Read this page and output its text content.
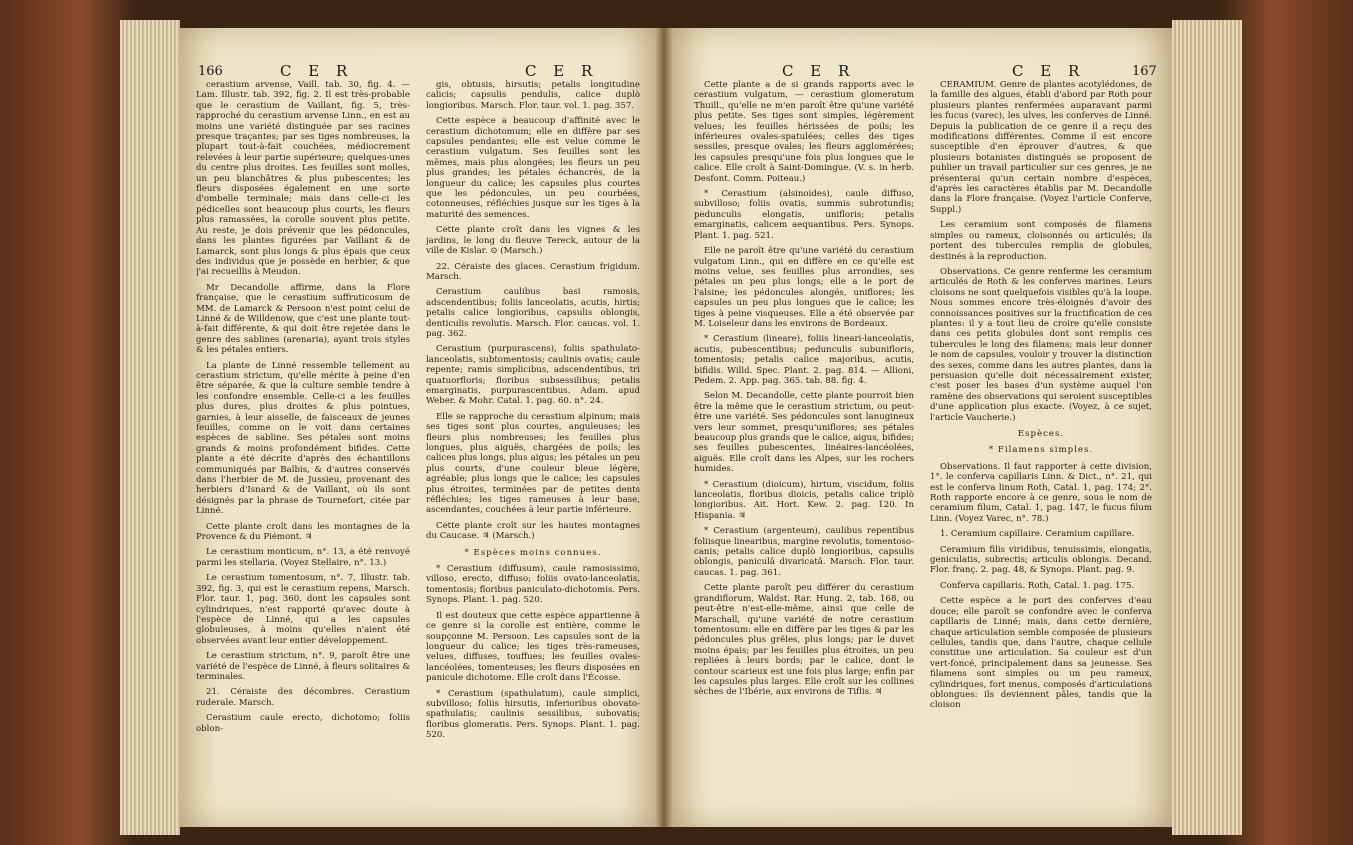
166	C E R	C E R

cerastium arvense, Vaill. tab. 30, fig. 4. — Lam. Illustr. tab. 392, fig. 2. Il est très-probable que le cerastium de Vaillant, fig. 5, très-rapproché du cerastium arvense Linn., en est au moins une variété distinguée par ses racines presque traçantes; par ses tiges nombreuses, la plupart tout-à-fait couchées, médiocrement relevées à leur partie supérieure; quelques-unes du centre plus droites. Les feuilles sont molles, un peu blanchâtres & plus pubescentes; les fleurs disposées également en une sorte d'ombelle terminale; mais dans celle-ci les pédicelles sont beaucoup plus courts, les fleurs plus ramassées, la corolle souvent plus petite. Au reste, je dois prévenir que les pédoncules, dans les plantes figurées par Vaillant & de Lamarck, sont plus longs & plus épais que ceux des individus que je possède en herbier, & que j'ai recueillis à Meudon.

Mr Decandolle affirme, dans la Flore française, que le cerastium suffruticosum de MM. de Lamarck & Persoon n'est point celui de Linné & de Willdenow, que c'est une plante tout-à-fait différente, & qui doit être rejetée dans le genre des sablines (arenaria), ayant trois styles & les pétales entiers.

La plante de Linné ressemble tellement au cerastium strictum, qu'elle mérite à peine d'en être séparée, & que la culture semble tendre à les confondre ensemble. Celle-ci a les feuilles plus dures, plus droites & plus pointues, garnies, à leur aisselle, de faisceaux de jeunes feuilles, comme on le voit dans certaines espèces de sabline. Ses pétales sont moins grands & moins profondément bifides. Cette plante a été décrite d'après des échantillons communiqués par Balbis, & d'autres conservés dans l'herbier de M. de Jussieu, provenant des herbiers d'Isnard & de Vaillant, où ils sont désignés par la phrase de Tournefort, citée par Linné.

Cette plante croît dans les montagnes de la Provence & du Piémont. ♃

Le cerastium monticum, n°. 13, a été renvoyé parmi les stellaria. (Voyez Stellaire, n°. 13.)

Le cerastium tomentosum, n°. 7, Illustr. tab. 392, fig. 3, qui est le cerastium repens, Marsch. Flor. taur. 1, pag. 360, dont les capsules sont cylindriques, n'est rapporté qu'avec doute à l'espèce de Linné, qui a les capsules globuleuses, à moins qu'elles n'aient été observées avant leur entier développement.

Le cerastium strictum, n°. 9, paroît être une variété de l'espèce de Linné, à fleurs solitaires & terminales.

21. Céraiste des décombres. Cerastium ruderale. Marsch.

Cerastium caule erecto, dichotomo; foliis oblon-

gis, obtusis, hirsutis; petalis longitudine calicis; capsulis pendulis, calice duplò longioribus. Marsch. Flor. taur. vol. 1. pag. 357.

Cette espèce a beaucoup d'affinité avec le cerastium dichotomum; elle en diffère par ses capsules pendantes; elle est velue comme le cerastium vulgatum. Ses feuilles sont les mêmes, mais plus alongées; les fleurs un peu plus grandes; les pétales échancrés, de la longueur du calice; les capsules plus courtes que les pédoncules, un peu courbées, cotonneuses, réfléchies jusque sur les tiges à la maturité des semences.

Cette plante croît dans les vignes & les jardins, le long du fleuve Tereck, autour de la ville de Kislar. ⊙ (Marsch.)

22. Céraiste des glaces. Cerastium frigidum. Marsch.

Cerastium caulibus basi ramosis, adscendentibus; foliis lanceolatis, acutis, hirtis; petalis calice longioribus, capsulis oblongis, denticulis revolutis. Marsch. Flor. caucas. vol. 1. pag. 362.

Cerastium (purpurascens), foliis spathulato-lanceolatis, subtomentosis; caulinis ovatis; caule repente; ramis simplicibus, adscendentibus, tri quatuorfloris; floribus subsessilibus; petalis emarginatis, purpurascentibus. Adam. apud Weber. & Mohr. Catal. 1. pag. 60. n°. 24.

Elle se rapproche du cerastium alpinum; mais ses tiges sont plus courtes, anguleuses; les fleurs plus nombreuses; les feuilles plus longues, plus aiguës, chargées de poils; les calices plus longs, plus aigus; les pétales un peu plus courts, d'une couleur bleue légère, agréable; plus longs que le calice; les capsules plus étroites, terminées par de petites dents réfléchies; les tiges rameuses à leur base, ascendantes, couchées à leur partie inférieure.

Cette plante croît sur les hautes montagnes du Caucase. ♃ (Marsch.)

* Espèces moins connues.

* Cerastium (diffusum), caule ramosissimo, villoso, erecto, diffuso; foliis ovato-lanceolatis, tomentosis; floribus paniculato-dichotomis. Pers. Synops. Plant. 1. pag. 520.

Il est douteux que cette espèce appartienne à ce genre si la corolle est entière, comme le soupçonne M. Persoon. Les capsules sont de la longueur du calice; les tiges très-rameuses, velues, diffuses, touffues; les feuilles ovales-lancéolées, tomenteuses; les fleurs disposées en panicule dichotome. Elle croît dans l'Écosse.

* Cerastium (spathulatum), caule simplici, subvilloso; foliis hirsutis, inferioribus obovato-spathulatis; caulinis sessilibus, subovatis; floribus glomeratis. Pers. Synops. Plant. 1. pag. 520.

C E R	C E R	167

Cette plante a de si grands rapports avec le cerastium vulgatum, — cerastium glomeratum Thuill., qu'elle ne m'en paroît être qu'une variété plus petite. Ses tiges sont simples, légèrement velues; les feuilles hérissées de poils; les inférieures ovales-spatulées; celles des tiges sessiles, presque ovales; les fleurs agglomérées; les capsules presqu'une fois plus longues que le calice. Elle croît à Saint-Domingue. (V. s. in herb. Desfont. Comm. Poiteau.)

* Cerastium (alsinoides), caule diffuso, subvilloso; foliis ovatis, summis subrotundis; pedunculis elongatis, unifloris; petalis emarginatis, calicem aequantibus. Pers. Synops. Plant. 1. pag. 521.

Elle ne paroît être qu'une variété du cerastium vulgatum Linn., qui en diffère en ce qu'elle est moins velue, ses feuilles plus arrondies, ses pétales un peu plus longs; elle a le port de l'alsine; les pédoncules alongés, uniflores; les capsules un peu plus longues que le calice; les tiges à peine visqueuses. Elle a été observée par M. Loiseleur dans les environs de Bordeaux.

* Cerastium (lineare), foliis lineari-lanceolatis, acutis, pubescentibus; pedunculis subunifloris, tomentosis; petalis calice majoribus, acutis, bifidis. Willd. Spec. Plant. 2. pag. 814. — Allioni, Pedem. 2. App. pag. 365. tab. 88. fig. 4.

Selon M. Decandolle, cette plante pourroit bien être la même que le cerastium strictum, ou peut-être une variété. Ses pédoncules sont lanugineux vers leur sommet, presqu'uniflores; ses pétales beaucoup plus grands que le calice, aigus, bifides; ses feuilles pubescentes, linéaires-lancéolées, aiguës. Elle croît dans les Alpes, sur les rochers humides.

* Cerastium (dioicum), hirtum, viscidum, foliis lanceolatis, floribus dioicis, petalis calice triplò longioribus. Ait. Hort. Kew. 2. pag. 120. In Hispania. ♃

* Cerastium (argenteum), caulibus repentibus foliisque linearibus, margine revolutis, tomentoso-canis; petalis calice duplò longioribus, capsulis oblongis, paniculâ divaricatâ. Marsch. Flor. taur. caucas. 1. pag. 361.

Cette plante paroît peu différer du cerastium grandiflorum, Waldst. Rar. Hung. 2, tab. 168, ou peut-être n'est-elle-même, ainsi que celle de Marschall, qu'une variété de notre cerastium tomentosum: elle en diffère par les tiges & par les pédoncules plus grêles, plus longs; par le duvet moins épais; par les feuilles plus étroites, un peu repliées à leurs bords; par le calice, dont le contour scarieux est une fois plus large; enfin par les capsules plus larges. Elle croît sur les collines sèches de l'Ibérie, aux environs de Tiflis. ♃

CERAMIUM. Genre de plantes acotylédones, de la famille des algues, établi d'abord par Roth pour plusieurs plantes renfermées auparavant parmi les fucus (varec), les ulves, les conferves de Linné. Depuis la publication de ce genre il a reçu des modifications différentes. Comme il est encore susceptible d'en éprouver d'autres, & que plusieurs botanistes distingués se proposent de publier un travail particulier sur ces genres, je ne présenterai qu'un certain nombre d'espèces, d'après les caractères établis par M. Decandolle dans la Flore française. (Voyez l'article Conferve, Suppl.)

Les ceramium sont composés de filamens simples ou rameux, cloisonnés ou articulés; ils portent des tubercules remplis de globules, destinés à la reproduction.

Observations. Ce genre renferme les ceramium articulés de Roth & les conferves marines. Leurs cloisons ne sont quelquefois visibles qu'à la loupe. Nous sommes encore très-éloignés d'avoir des connoissances positives sur la fructification de ces plantes: il y a tout lieu de croire qu'elle consiste dans ces petits globules dont sont remplis ces tubercules le long des filamens; mais leur donner le nom de capsules, vouloir y trouver la distinction des sexes, comme dans les autres plantes, dans la persuasion qu'elle doit nécessairement exister, c'est poser les bases d'un système auquel l'on ramène des observations qui seroient susceptibles d'une application plus exacte. (Voyez, à ce sujet, l'article Vaucherie.)

Espèces.

* Filamens simples.

Observations. Il faut rapporter à cette division, 1°. le conferva capillaris Linn. & Dict., n°. 21, qui est le conferva linum Roth, Catal. 1, pag. 174; 2°. Roth rapporte encore à ce genre, sous le nom de ceramium filum, Catal. 1, pag. 147, le fucus filum Linn. (Voyez Varec, n°. 78.)

1. Ceramium capillaire. Ceramium capillare.

Ceramium filis viridibus, tenuissimis, elongatis, geniculatis, subrectis; articulis oblongis. Decand. Flor. franç. 2. pag. 48, & Synops. Plant. pag. 9.

Conferva capillaris. Roth, Catal. 1. pag. 175.

Cette espèce a le port des conferves d'eau douce; elle paroît se confondre avec le conferva capillaris de Linné; mais, dans cette dernière, chaque articulation semble composée de plusieurs cellules, tandis que, dans l'autre, chaque cellule constitue une articulation. Sa couleur est d'un vert-foncé, principalement dans sa jeunesse. Ses filamens sont simples ou un peu rameux, cylindriques, fort menus, composés d'articulations oblongues: ils deviennent pâles, tandis que la cloison
